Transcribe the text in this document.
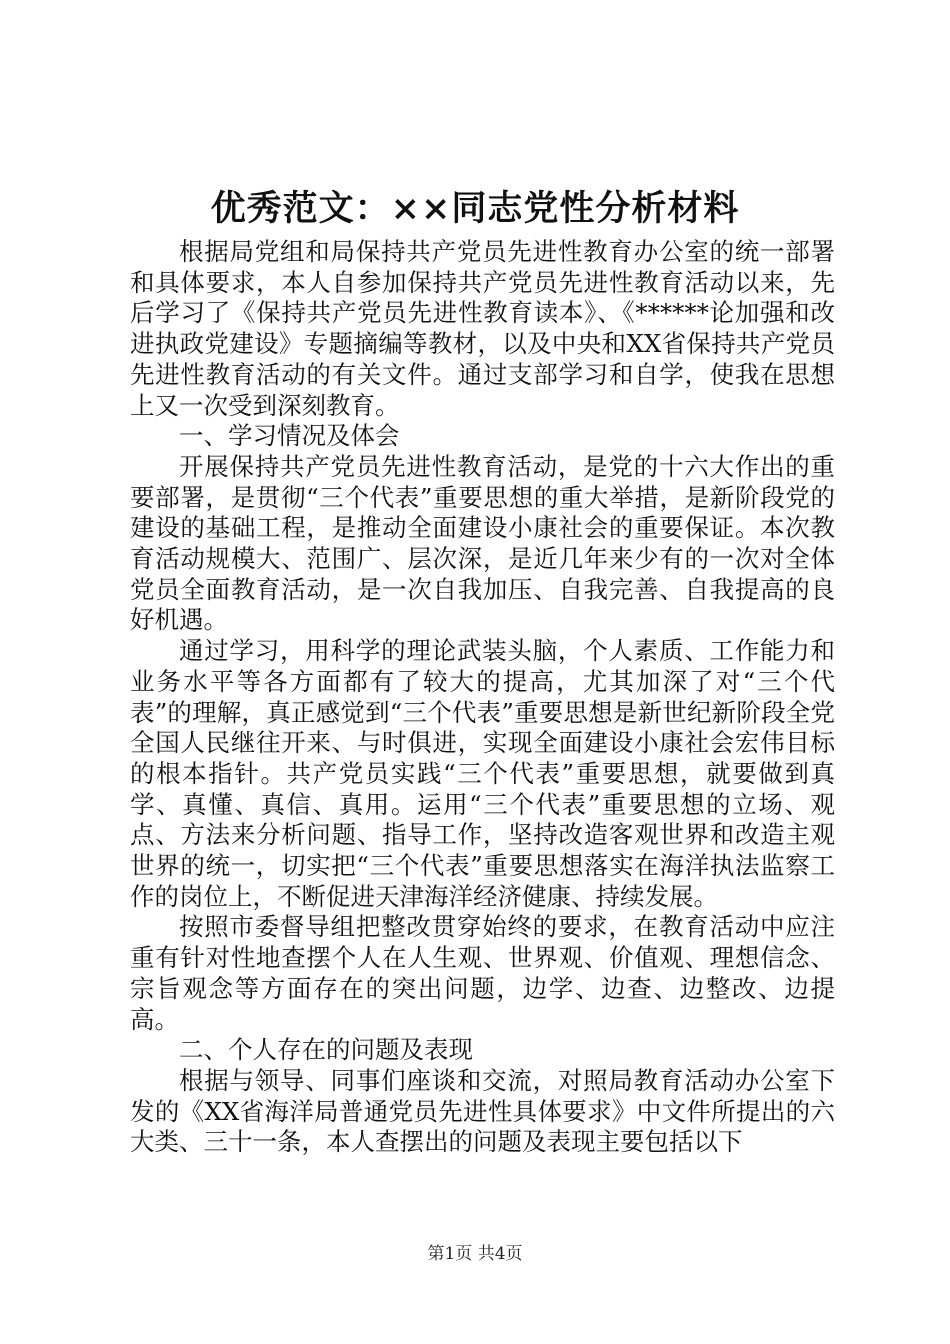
优秀范文：××同志党性分析材料

根据局党组和局保持共产党员先进性教育办公室的统一部署和具体要求，本人自参加保持共产党员先进性教育活动以来，先后学习了《保持共产党员先进性教育读本》、《******论加强和改进执政党建设》专题摘编等教材，以及中央和XX省保持共产党员先进性教育活动的有关文件。通过支部学习和自学，使我在思想上又一次受到深刻教育。

一、学习情况及体会

开展保持共产党员先进性教育活动，是党的十六大作出的重要部署，是贯彻“三个代表”重要思想的重大举措，是新阶段党的建设的基础工程，是推动全面建设小康社会的重要保证。本次教育活动规模大、范围广、层次深，是近几年来少有的一次对全体党员全面教育活动，是一次自我加压、自我完善、自我提高的良好机遇。

通过学习，用科学的理论武装头脑，个人素质、工作能力和业务水平等各方面都有了较大的提高，尤其加深了对“三个代表”的理解，真正感觉到“三个代表”重要思想是新世纪新阶段全党全国人民继往开来、与时俱进，实现全面建设小康社会宏伟目标的根本指针。共产党员实践“三个代表”重要思想，就要做到真学、真懂、真信、真用。运用“三个代表”重要思想的立场、观点、方法来分析问题、指导工作，坚持改造客观世界和改造主观世界的统一，切实把“三个代表”重要思想落实在海洋执法监察工作的岗位上，不断促进天津海洋经济健康、持续发展。

按照市委督导组把整改贯穿始终的要求，在教育活动中应注重有针对性地查摆个人在人生观、世界观、价值观、理想信念、宗旨观念等方面存在的突出问题，边学、边查、边整改、边提高。

二、个人存在的问题及表现

根据与领导、同事们座谈和交流，对照局教育活动办公室下发的《XX省海洋局普通党员先进性具体要求》中文件所提出的六大类、三十一条，本人查摆出的问题及表现主要包括以下

第1页 共4页
